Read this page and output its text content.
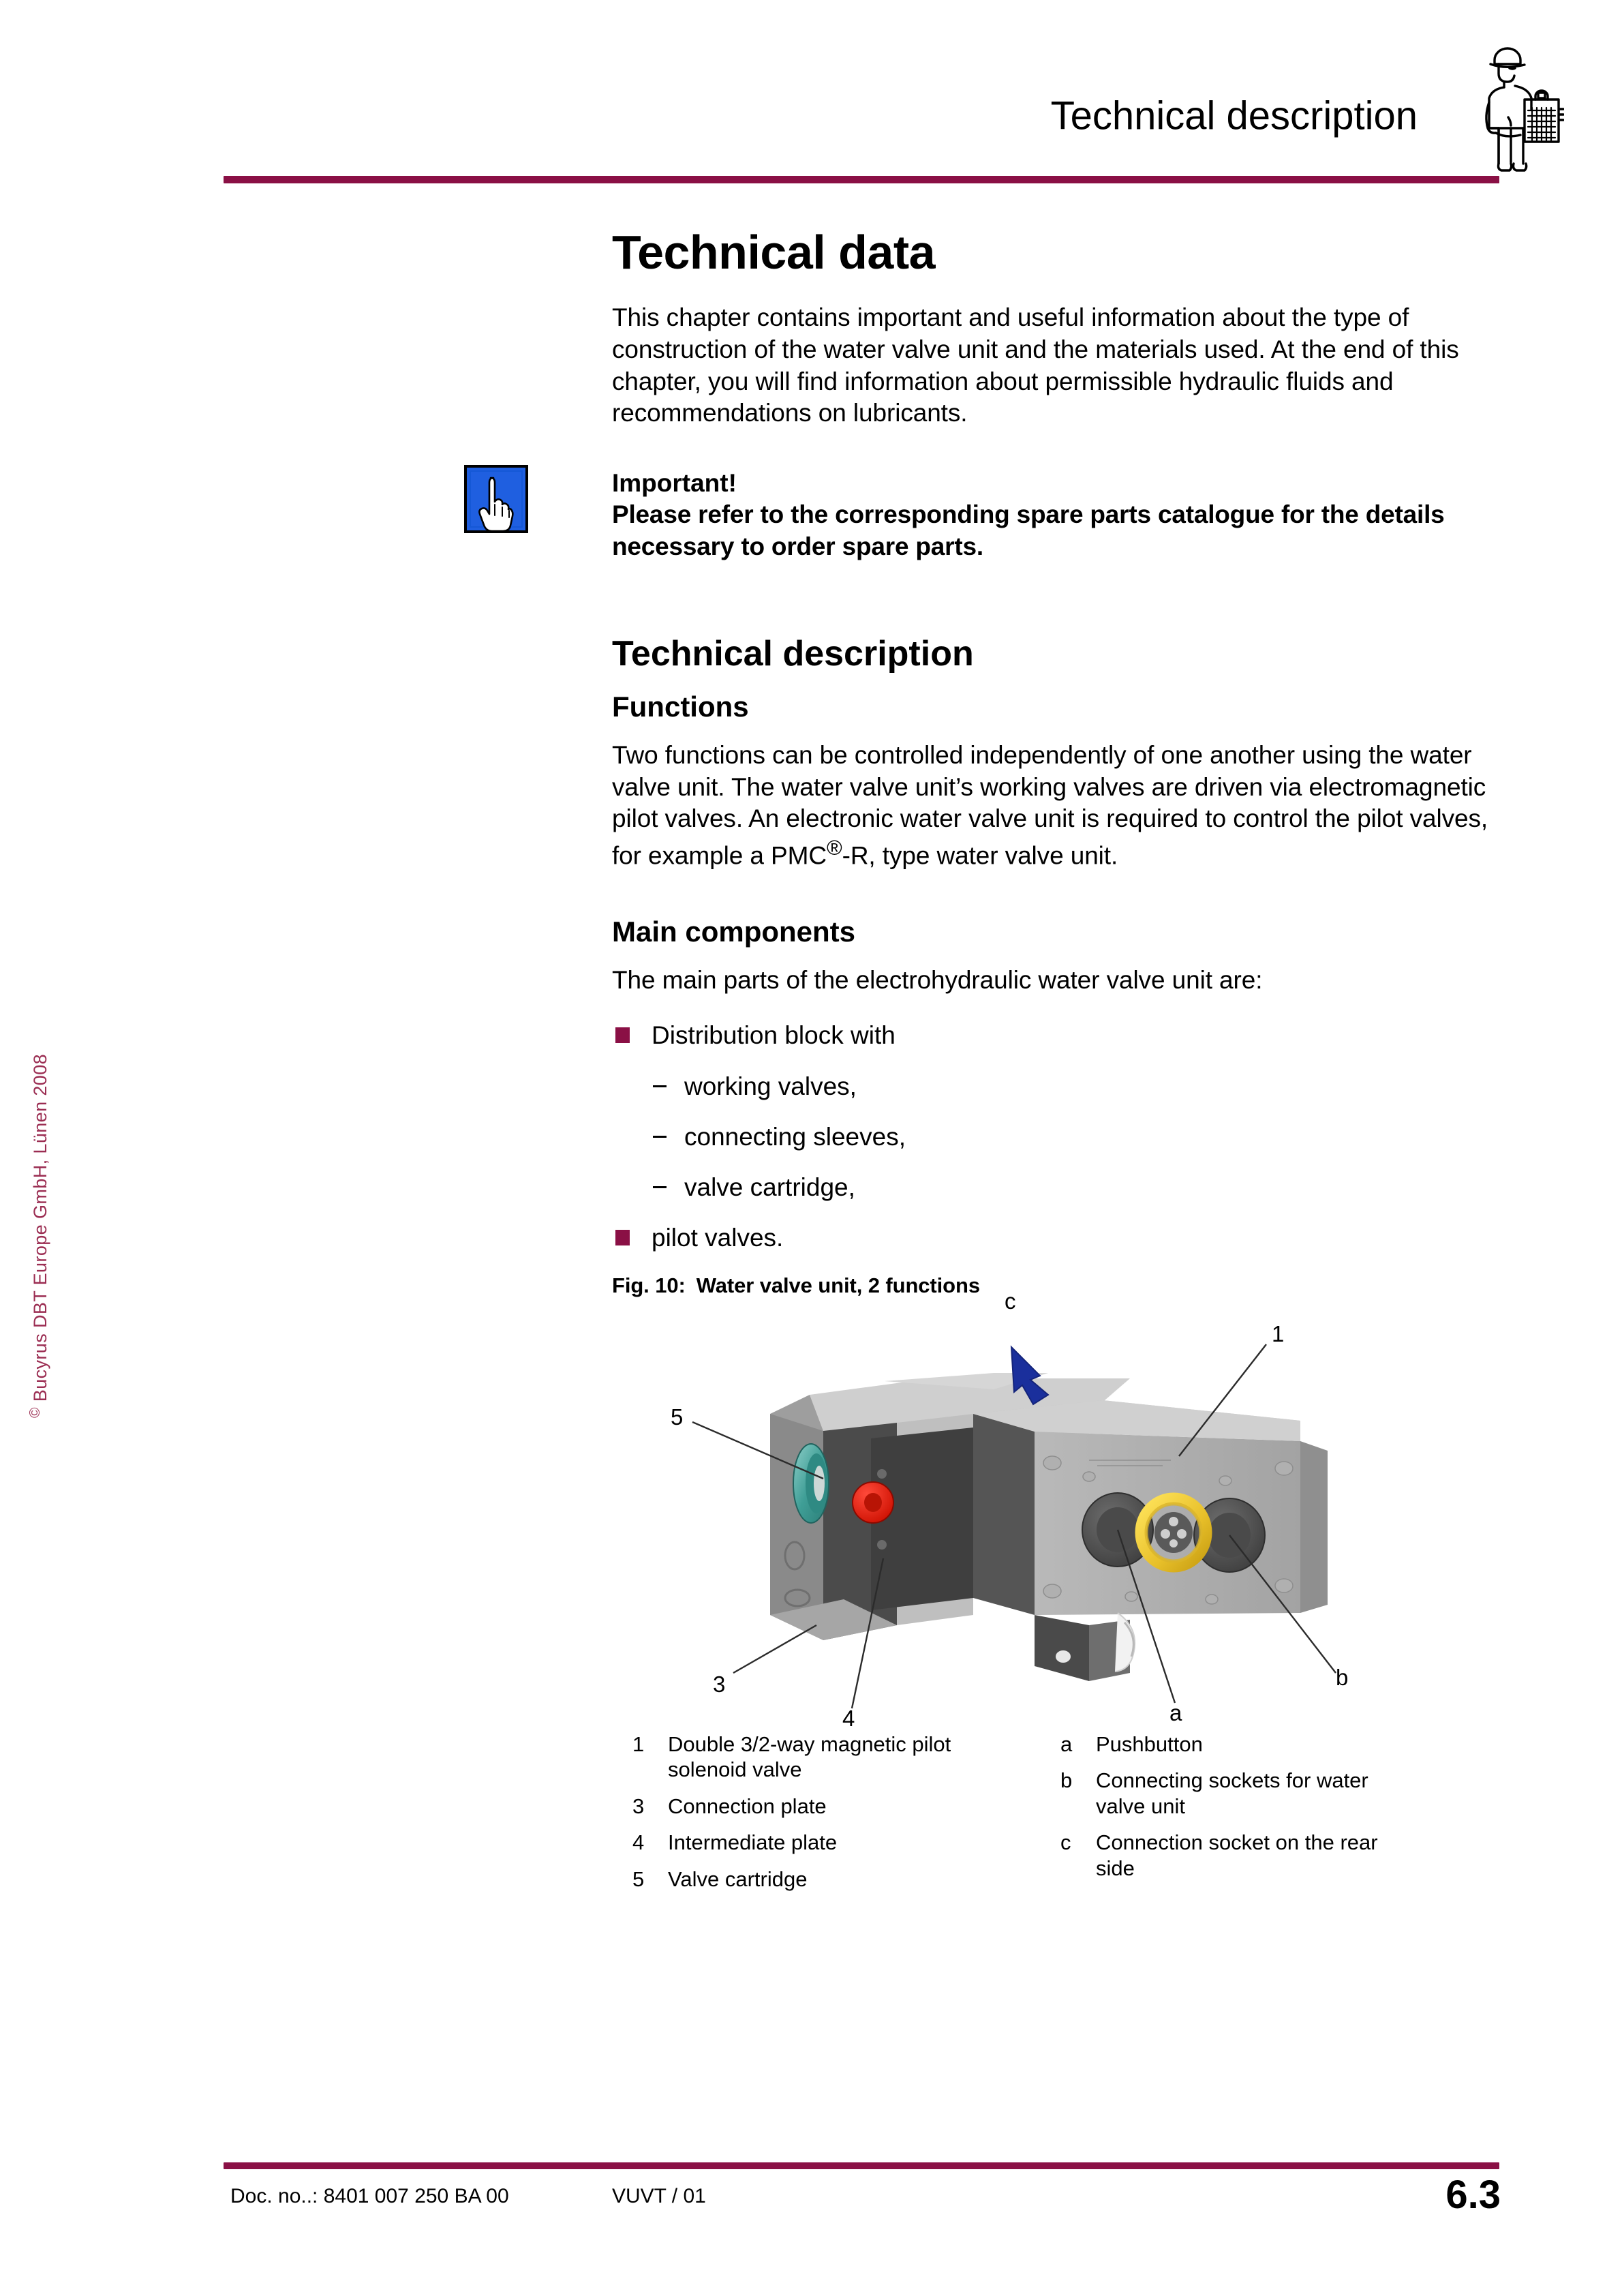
Technical description
© Bucyrus DBT Europe GmbH, Lünen 2008
Technical data

This chapter contains important and useful information about the type of construction of the water valve unit and the materials used. At the end of this chapter, you will find information about permissible hydraulic fluids and recommendations on lubricants.

Important!

Please refer to the corresponding spare parts catalogue for the details necessary to order spare parts.

Technical description
Functions

Two functions can be controlled independently of one another using the water valve unit. The water valve unit’s working valves are driven via electromagnetic pilot valves. An electronic water valve unit is required to control the pilot valves, for example a PMC®-R, type water valve unit.

Main components

The main parts of the electrohydraulic water valve unit are:

Distribution block with
working valves,
connecting sleeves,
valve cartridge,
pilot valves.

Fig. 10: Water valve unit, 2 functions

c
1
5
3
4	a
b
1	Double 3/2-way magnetic pilot solenoid valve
3	Connection plate
4	Intermediate plate
5	Valve cartridge
a	Pushbutton
b	Connecting sockets for water valve unit
c	Connection socket on the rear side
Doc. no..: 8401 007 250 BA 00	VUVT / 01	6.3
